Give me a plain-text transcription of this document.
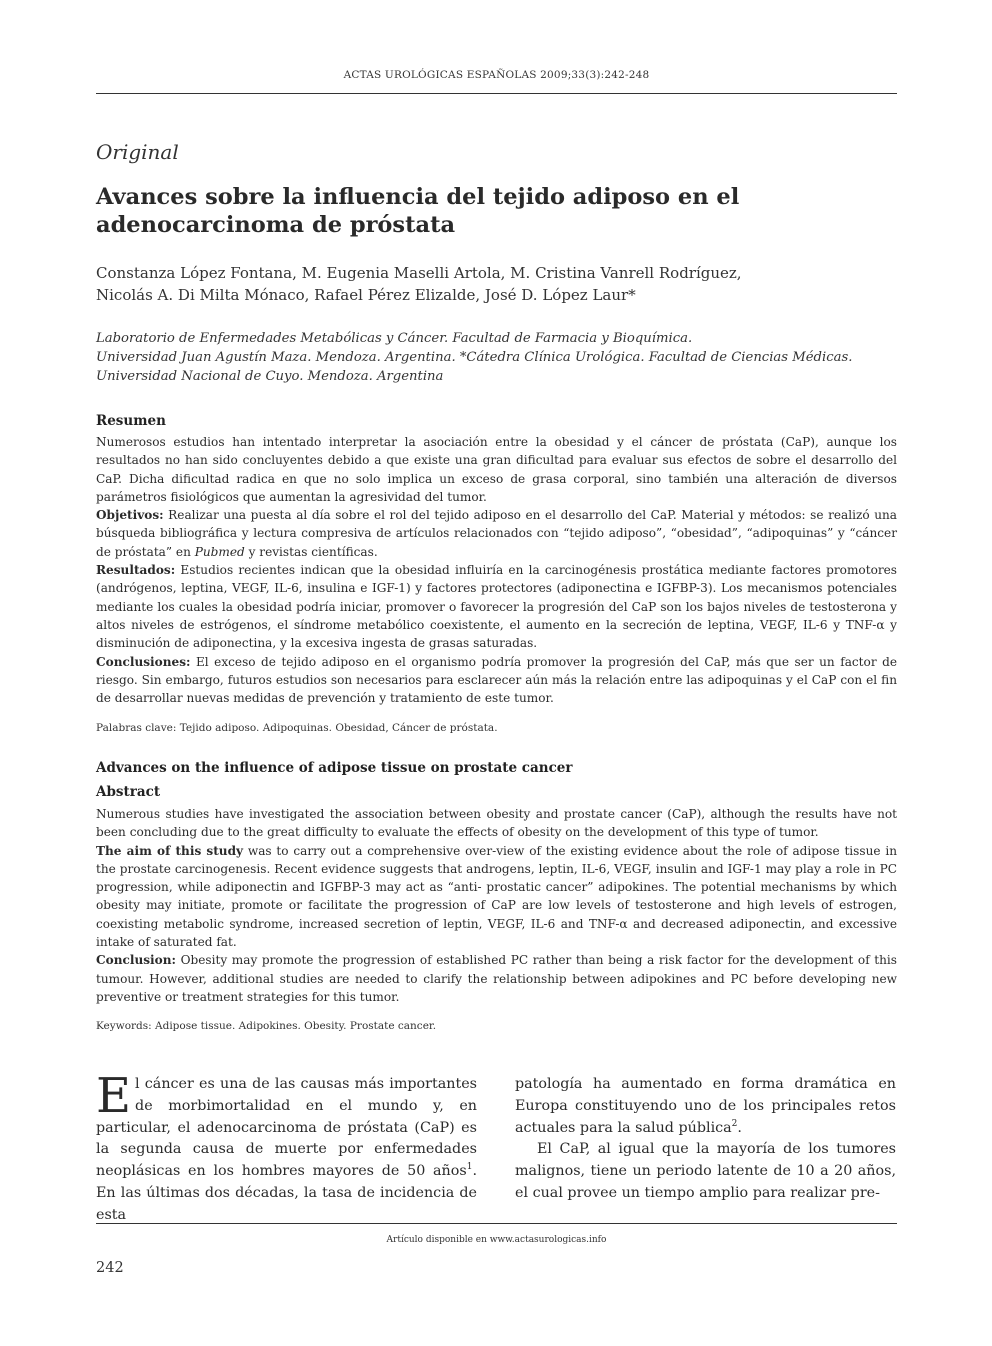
ACTAS UROLÓGICAS ESPAÑOLAS 2009;33(3):242-248
Original
Avances sobre la influencia del tejido adiposo en el
adenocarcinoma de próstata
Constanza López Fontana, M. Eugenia Maselli Artola, M. Cristina Vanrell Rodríguez,
Nicolás A. Di Milta Mónaco, Rafael Pérez Elizalde, José D. López Laur*
Laboratorio de Enfermedades Metabólicas y Cáncer. Facultad de Farmacia y Bioquímica.
Universidad Juan Agustín Maza. Mendoza. Argentina. *Cátedra Clínica Urológica. Facultad de Ciencias Médicas.
Universidad Nacional de Cuyo. Mendoza. Argentina
Resumen
Numerosos estudios han intentado interpretar la asociación entre la obesidad y el cáncer de próstata (CaP), aunque los resultados no han sido concluyentes debido a que existe una gran dificultad para evaluar sus efectos de sobre el desarrollo del CaP. Dicha dificultad radica en que no solo implica un exceso de grasa corporal, sino también una alteración de diversos parámetros fisiológicos que aumentan la agresividad del tumor.
Objetivos: Realizar una puesta al día sobre el rol del tejido adiposo en el desarrollo del CaP. Material y métodos: se realizó una búsqueda bibliográfica y lectura compresiva de artículos relacionados con “tejido adiposo”, “obesidad”, “adipoquinas” y “cáncer de próstata” en Pubmed y revistas científicas.
Resultados: Estudios recientes indican que la obesidad influiría en la carcinogénesis prostática mediante factores promotores (andrógenos, leptina, VEGF, IL-6, insulina e IGF-1) y factores protectores (adiponectina e IGFBP-3). Los mecanismos potenciales mediante los cuales la obesidad podría iniciar, promover o favorecer la progresión del CaP son los bajos niveles de testosterona y altos niveles de estrógenos, el síndrome metabólico coexistente, el aumento en la secreción de leptina, VEGF, IL-6 y TNF-α y disminución de adiponectina, y la excesiva ingesta de grasas saturadas.
Conclusiones: El exceso de tejido adiposo en el organismo podría promover la progresión del CaP, más que ser un factor de riesgo. Sin embargo, futuros estudios son necesarios para esclarecer aún más la relación entre las adipoquinas y el CaP con el fin de desarrollar nuevas medidas de prevención y tratamiento de este tumor.
Palabras clave: Tejido adiposo. Adipoquinas. Obesidad, Cáncer de próstata.
Advances on the influence of adipose tissue on prostate cancer
Abstract
Numerous studies have investigated the association between obesity and prostate cancer (CaP), although the results have not been concluding due to the great difficulty to evaluate the effects of obesity on the development of this type of tumor.
The aim of this study was to carry out a comprehensive over-view of the existing evidence about the role of adipose tissue in the prostate carcinogenesis. Recent evidence suggests that androgens, leptin, IL-6, VEGF, insulin and IGF-1 may play a role in PC progression, while adiponectin and IGFBP-3 may act as “anti- prostatic cancer” adipokines. The potential mechanisms by which obesity may initiate, promote or facilitate the progression of CaP are low levels of testosterone and high levels of estrogen, coexisting metabolic syndrome, increased secretion of leptin, VEGF, IL-6 and TNF-α and decreased adiponectin, and excessive intake of saturated fat.
Conclusion: Obesity may promote the progression of established PC rather than being a risk factor for the development of this tumour. However, additional studies are needed to clarify the relationship between adipokines and PC before developing new preventive or treatment strategies for this tumor.
Keywords: Adipose tissue. Adipokines. Obesity. Prostate cancer.

El cáncer es una de las causas más importantes de morbimortalidad en el mundo y, en particular, el adenocarcinoma de próstata (CaP) es la segunda causa de muerte por enfermedades neoplásicas en los hombres mayores de 50 años$^1$. En las últimas dos décadas, la tasa de incidencia de esta

patología ha aumentado en forma dramática en Europa constituyendo uno de los principales retos actuales para la salud pública$^2$.

El CaP, al igual que la mayoría de los tumores malignos, tiene un periodo latente de 10 a 20 años, el cual provee un tiempo amplio para realizar pre-

Artículo disponible en www.actasurologicas.info
242
